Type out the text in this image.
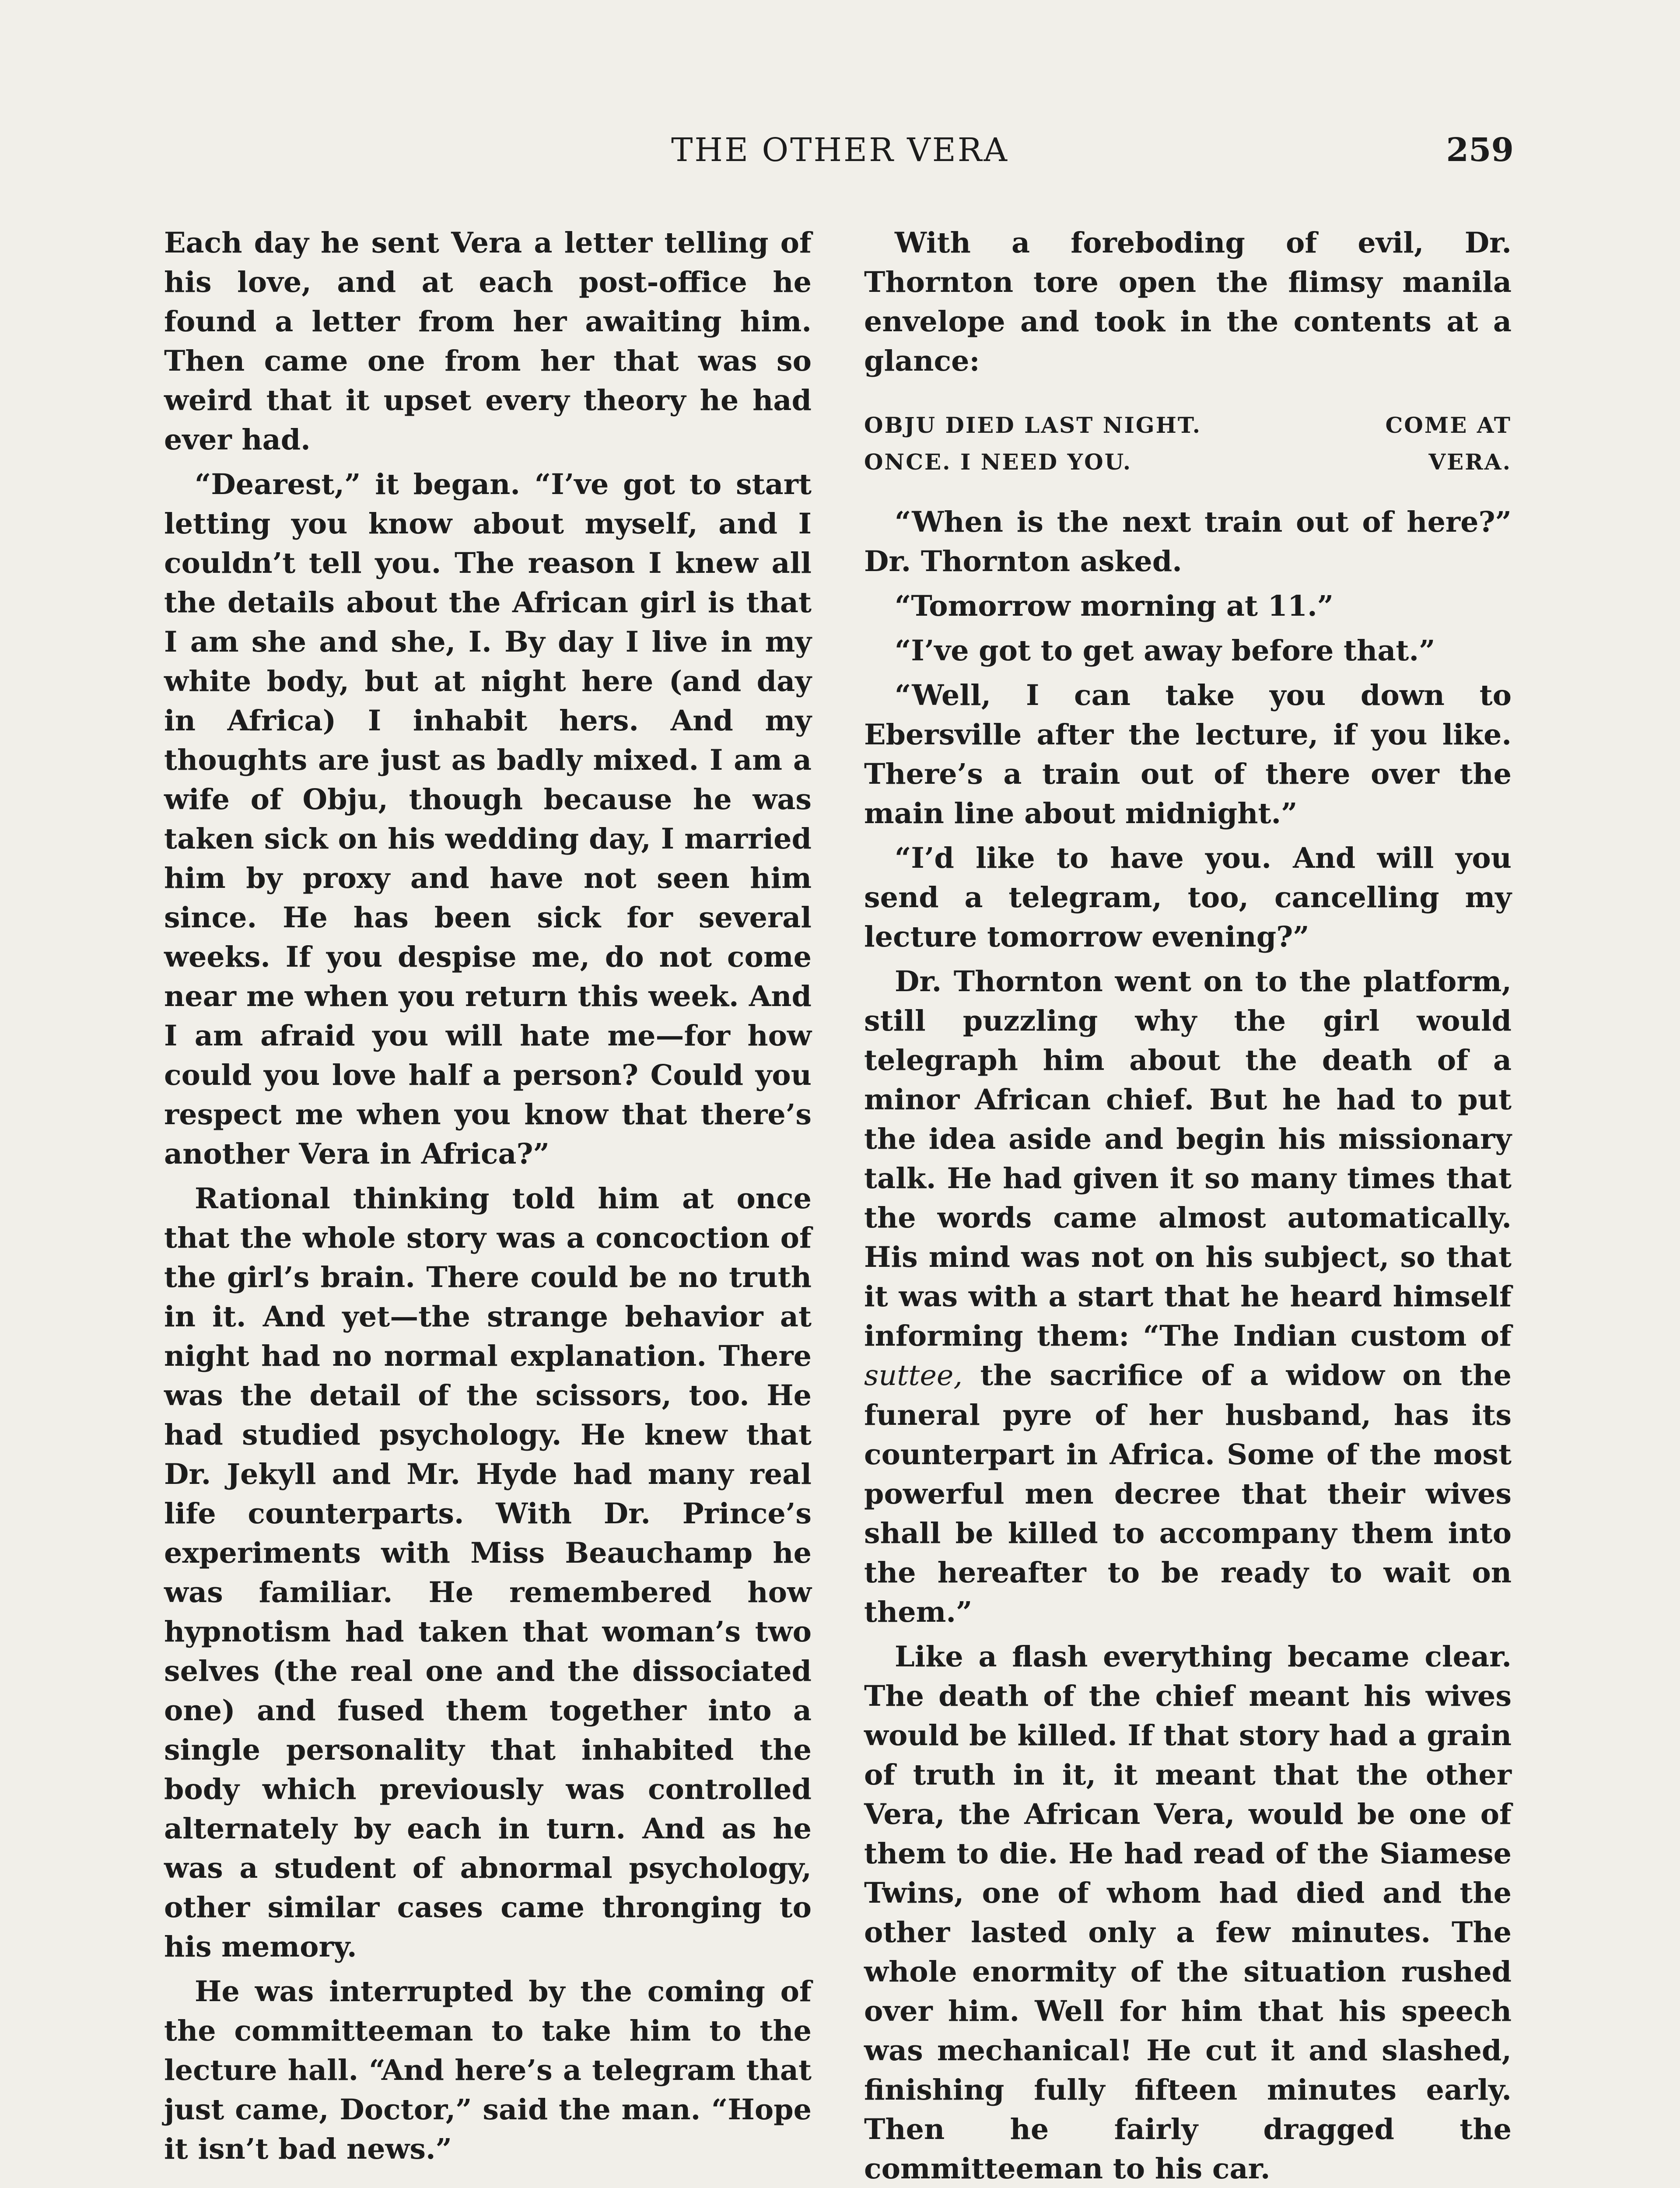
THE OTHER VERA	259

Each day he sent Vera a letter telling of his love, and at each post-office he found a letter from her awaiting him. Then came one from her that was so weird that it upset every theory he had ever had.

“Dearest,” it began. “I’ve got to start letting you know about myself, and I couldn’t tell you. The reason I knew all the details about the African girl is that I am she and she, I. By day I live in my white body, but at night here (and day in Africa) I inhabit hers. And my thoughts are just as badly mixed. I am a wife of Obju, though because he was taken sick on his wedding day, I married him by proxy and have not seen him since. He has been sick for several weeks. If you despise me, do not come near me when you return this week. And I am afraid you will hate me—for how could you love half a person? Could you respect me when you know that there’s another Vera in Africa?”

Rational thinking told him at once that the whole story was a concoction of the girl’s brain. There could be no truth in it. And yet—the strange behavior at night had no normal explanation. There was the detail of the scissors, too. He had studied psychology. He knew that Dr. Jekyll and Mr. Hyde had many real life counterparts. With Dr. Prince’s experiments with Miss Beauchamp he was familiar. He remembered how hypnotism had taken that woman’s two selves (the real one and the dissociated one) and fused them together into a single personality that inhabited the body which previously was controlled alternately by each in turn. And as he was a student of abnormal psychology, other similar cases came thronging to his memory.

He was interrupted by the coming of the committeeman to take him to the lecture hall. “And here’s a telegram that just came, Doctor,” said the man. “Hope it isn’t bad news.”

With a foreboding of evil, Dr. Thornton tore open the flimsy manila envelope and took in the contents at a glance:

OBJU DIED LAST NIGHT.	COME AT
ONCE. I NEED YOU.	VERA.

“When is the next train out of here?” Dr. Thornton asked.

“Tomorrow morning at 11.”

“I’ve got to get away before that.”

“Well, I can take you down to Ebersville after the lecture, if you like. There’s a train out of there over the main line about midnight.”

“I’d like to have you. And will you send a telegram, too, cancelling my lecture tomorrow evening?”

Dr. Thornton went on to the platform, still puzzling why the girl would telegraph him about the death of a minor African chief. But he had to put the idea aside and begin his missionary talk. He had given it so many times that the words came almost automatically. His mind was not on his subject, so that it was with a start that he heard himself informing them: “The Indian custom of suttee, the sacrifice of a widow on the funeral pyre of her husband, has its counterpart in Africa. Some of the most powerful men decree that their wives shall be killed to accompany them into the hereafter to be ready to wait on them.”

Like a flash everything became clear. The death of the chief meant his wives would be killed. If that story had a grain of truth in it, it meant that the other Vera, the African Vera, would be one of them to die. He had read of the Siamese Twins, one of whom had died and the other lasted only a few minutes. The whole enormity of the situation rushed over him. Well for him that his speech was mechanical! He cut it and slashed, finishing fully fifteen minutes early. Then he fairly dragged the committeeman to his car.
